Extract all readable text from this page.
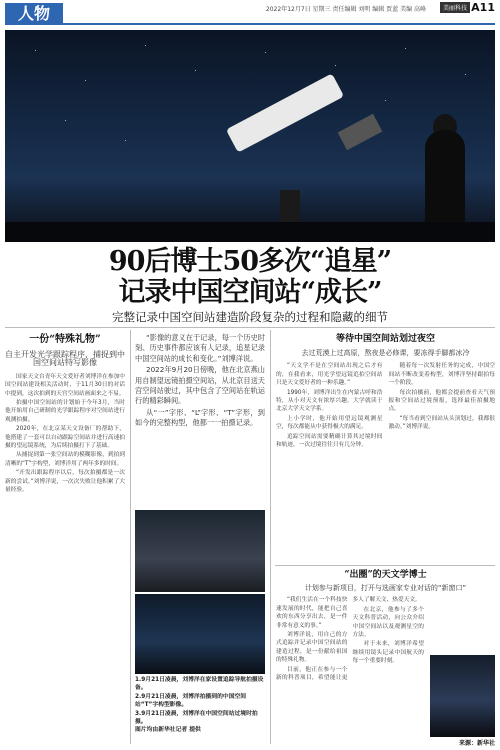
人物	2022年12月7日 星期三 责任编辑 刘明 编辑 贾蓝 美编 高峰	美丽科技 A11
90后博士50多次“追星”
记录中国空间站“成长”
完整记录中国空间站建造阶段复杂的过程和隐藏的细节
一份“特殊礼物”
自主开发光学跟踪程序，捕捉到中国空间站特写影像

国家天文台青年天文爱好者刘博洋在参加中国空间站建设相关活动时，于11月30日的对话中提到，这次拍到的天宫空间站画面来之不易。

拍摄中国空间站的计划始于今年3月，当时他开始用自己研制的光学跟踪程序对空间站进行观测拍摄。

2020年，在北京某天文设备厂的帮助下，他搭建了一套可以自动跟踪空间站并进行高速拍摄的望远镜系统，为后续拍摄打下了基础。

从捕捉到第一张空间站的模糊影像，到拍到清晰的“T”字构型，刘博洋用了两年多的时间。

“开发出跟踪程序以后，每次拍摄都是一次新的尝试。”刘博洋说，一次次失败让他积累了大量经验。

“影像的意义在于记录，每一个历史时刻、历史事件都应该有人记录，追星记录中国空间站的成长和变化。”刘博洋说。

2022年9月20日傍晚，他在北京燕山用自制望远镜拍摄空间站，从北京目送天宫空间站驶过，其中包含了空间站在轨运行的精彩瞬间。

从“一”字形、“L”字形、“T”字形，到如今的完整构型，他都一一拍摄记录。

1.9月21日凌晨，刘博洋在家设置追踪导航拍摄设备。
2.9月21日凌晨，刘博洋拍摄到的中国空间站“T”字构型影像。
3.9月21日凌晨，刘博洋在中国空间站过境时拍摄。
图片均由新华社记者 提供
等待中国空间站划过夜空
去过荒漠上过高原，熬夜是必修课，要冻得手脚都冰冷

“天文学不是在空间站出现之后才有的，在我看来，用光学望远镜追拍空间站只是天文爱好者的一种乐趣。”

1990年，刘博洋出生在内蒙古呼和浩特，从小对天文有浓厚兴趣，大学就读于北京大学天文学系。

上小学时，他开始用望远镜观测星空，每次都能从中获得极大的满足。

追踪空间站需要精确计算其过境时间和轨迹，一次过境往往只有几分钟。

随着每一次发射任务的完成，中国空间站不断改变着构型，刘博洋坚持跟拍每一个阶段。

每次拍摄前，他都会提前查看天气预报和空间站过境预报，选择最佳拍摄地点。

“每当看到空间站从头顶划过，我都很激动。”刘博洋说。

“出圈”的天文学博士
计划参与新项目，打开与选画家专业对话的“新窗口”

“我们生活在一个科技快速发展的时代，能把自己喜欢的东西分享出去，是一件非常有意义的事。”

刘博洋说，用自己的方式追踪并记录中国空间站的建造过程，是一份献给祖国的特殊礼物。

目前，他正在参与一个新的科普项目，希望能让更多人了解天文、热爱天文。

在北京，他参与了多个天文科普活动，向公众介绍中国空间站以及观测星空的方法。

对于未来，刘博洋希望继续用镜头记录中国航天的每一个重要时刻。

来源：新华社
